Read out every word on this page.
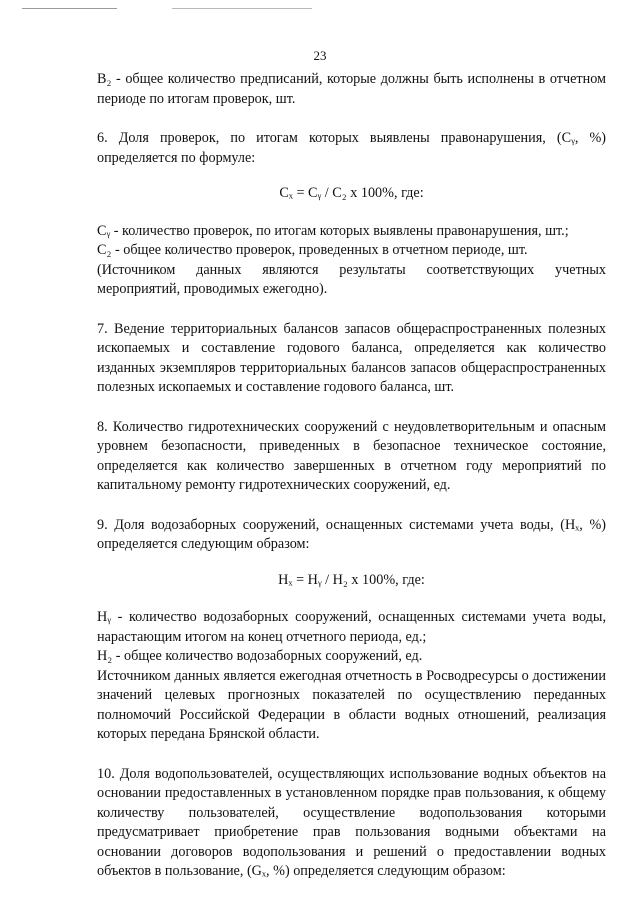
23

B₂ - общее количество предписаний, которые должны быть исполнены в отчетном периоде по итогам проверок, шт.

6. Доля проверок, по итогам которых выявлены правонарушения, (Cᵧ, %) определяется по формуле:

Cₓ = Cᵧ / C₂ x 100%, где:

Cᵧ - количество проверок, по итогам которых выявлены правонарушения, шт.;

C₂ - общее количество проверок, проведенных в отчетном периоде, шт.

(Источником данных являются результаты соответствующих учетных мероприятий, проводимых ежегодно).

7. Ведение территориальных балансов запасов общераспространенных полезных ископаемых и составление годового баланса, определяется как количество изданных экземпляров территориальных балансов запасов общераспространенных полезных ископаемых и составление годового баланса, шт.

8. Количество гидротехнических сооружений с неудовлетворительным и опасным уровнем безопасности, приведенных в безопасное техническое состояние, определяется как количество завершенных в отчетном году мероприятий по капитальному ремонту гидротехнических сооружений, ед.

9. Доля водозаборных сооружений, оснащенных системами учета воды, (Hₓ, %) определяется следующим образом:

Hₓ = Hᵧ / H₂ x 100%, где:

Hᵧ - количество водозаборных сооружений, оснащенных системами учета воды, нарастающим итогом на конец отчетного периода, ед.;

H₂ - общее количество водозаборных сооружений, ед.

Источником данных является ежегодная отчетность в Росводресурсы о достижении значений целевых прогнозных показателей по осуществлению переданных полномочий Российской Федерации в области водных отношений, реализация которых передана Брянской области.

10. Доля водопользователей, осуществляющих использование водных объектов на основании предоставленных в установленном порядке прав пользования, к общему количеству пользователей, осуществление водопользования которыми предусматривает приобретение прав пользования водными объектами на основании договоров водопользования и решений о предоставлении водных объектов в пользование, (Gₓ, %) определяется следующим образом:
